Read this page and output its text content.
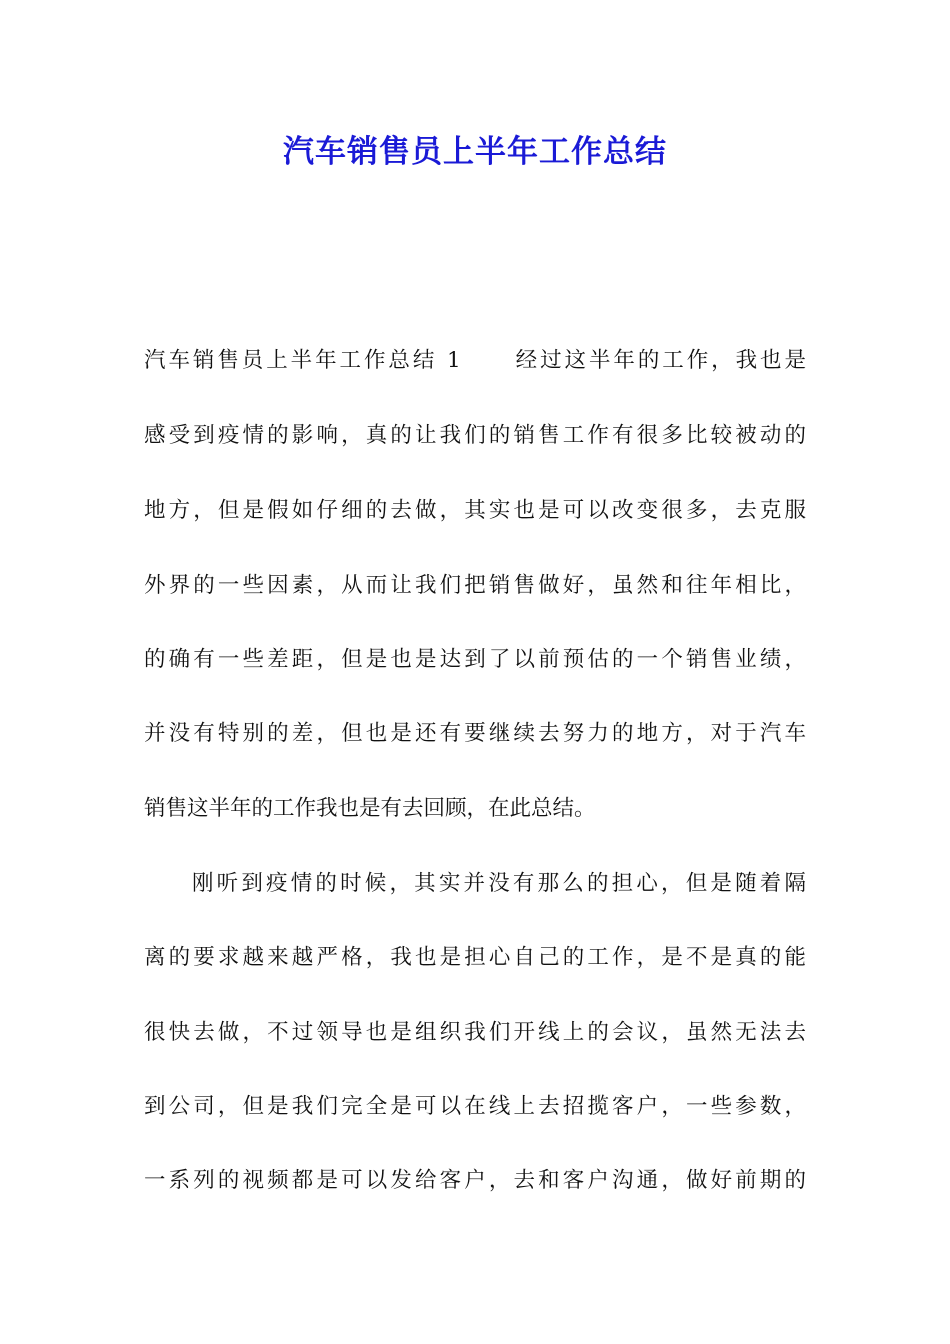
汽车销售员上半年工作总结

汽车销售员上半年工作总结 1 经过这半年的工作，我也是

感受到疫情的影响，真的让我们的销售工作有很多比较被动的

地方，但是假如仔细的去做，其实也是可以改变很多，去克服

外界的一些因素，从而让我们把销售做好，虽然和往年相比，

的确有一些差距，但是也是达到了以前预估的一个销售业绩，

并没有特别的差，但也是还有要继续去努力的地方，对于汽车

销售这半年的工作我也是有去回顾，在此总结。

刚听到疫情的时候，其实并没有那么的担心，但是随着隔

离的要求越来越严格，我也是担心自己的工作，是不是真的能

很快去做，不过领导也是组织我们开线上的会议，虽然无法去

到公司，但是我们完全是可以在线上去招揽客户，一些参数，

一系列的视频都是可以发给客户，去和客户沟通，做好前期的
